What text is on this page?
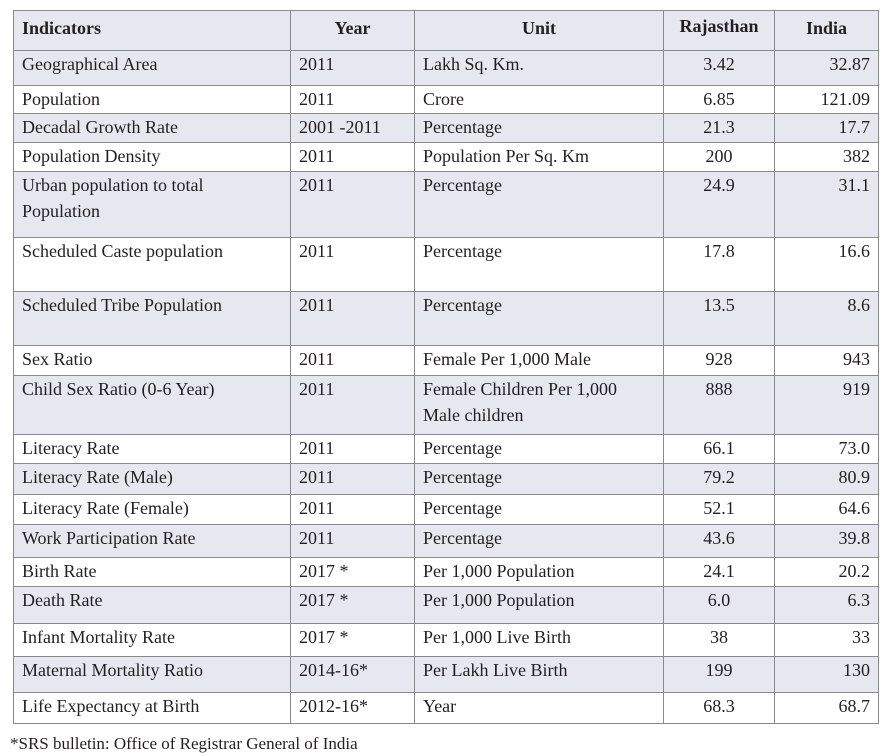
Indicators	Year	Unit	Rajasthan	India
Geographical Area	2011	Lakh Sq. Km.	3.42	32.87
Population	2011	Crore	6.85	121.09
Decadal Growth Rate	2001 -2011	Percentage	21.3	17.7
Population Density	2011	Population Per Sq. Km	200	382
Urban population to total Population	2011	Percentage	24.9	31.1
Scheduled Caste population	2011	Percentage	17.8	16.6
Scheduled Tribe Population	2011	Percentage	13.5	8.6
Sex Ratio	2011	Female Per 1,000 Male	928	943
Child Sex Ratio (0-6 Year)	2011	Female Children Per 1,000 Male children	888	919
Literacy Rate	2011	Percentage	66.1	73.0
Literacy Rate (Male)	2011	Percentage	79.2	80.9
Literacy Rate (Female)	2011	Percentage	52.1	64.6
Work Participation Rate	2011	Percentage	43.6	39.8
Birth Rate	2017 *	Per 1,000 Population	24.1	20.2
Death Rate	2017 *	Per 1,000 Population	6.0	6.3
Infant Mortality Rate	2017 *	Per 1,000 Live Birth	38	33
Maternal Mortality Ratio	2014-16*	Per Lakh Live Birth	199	130
Life Expectancy at Birth	2012-16*	Year	68.3	68.7
*SRS bulletin: Office of Registrar General of India
